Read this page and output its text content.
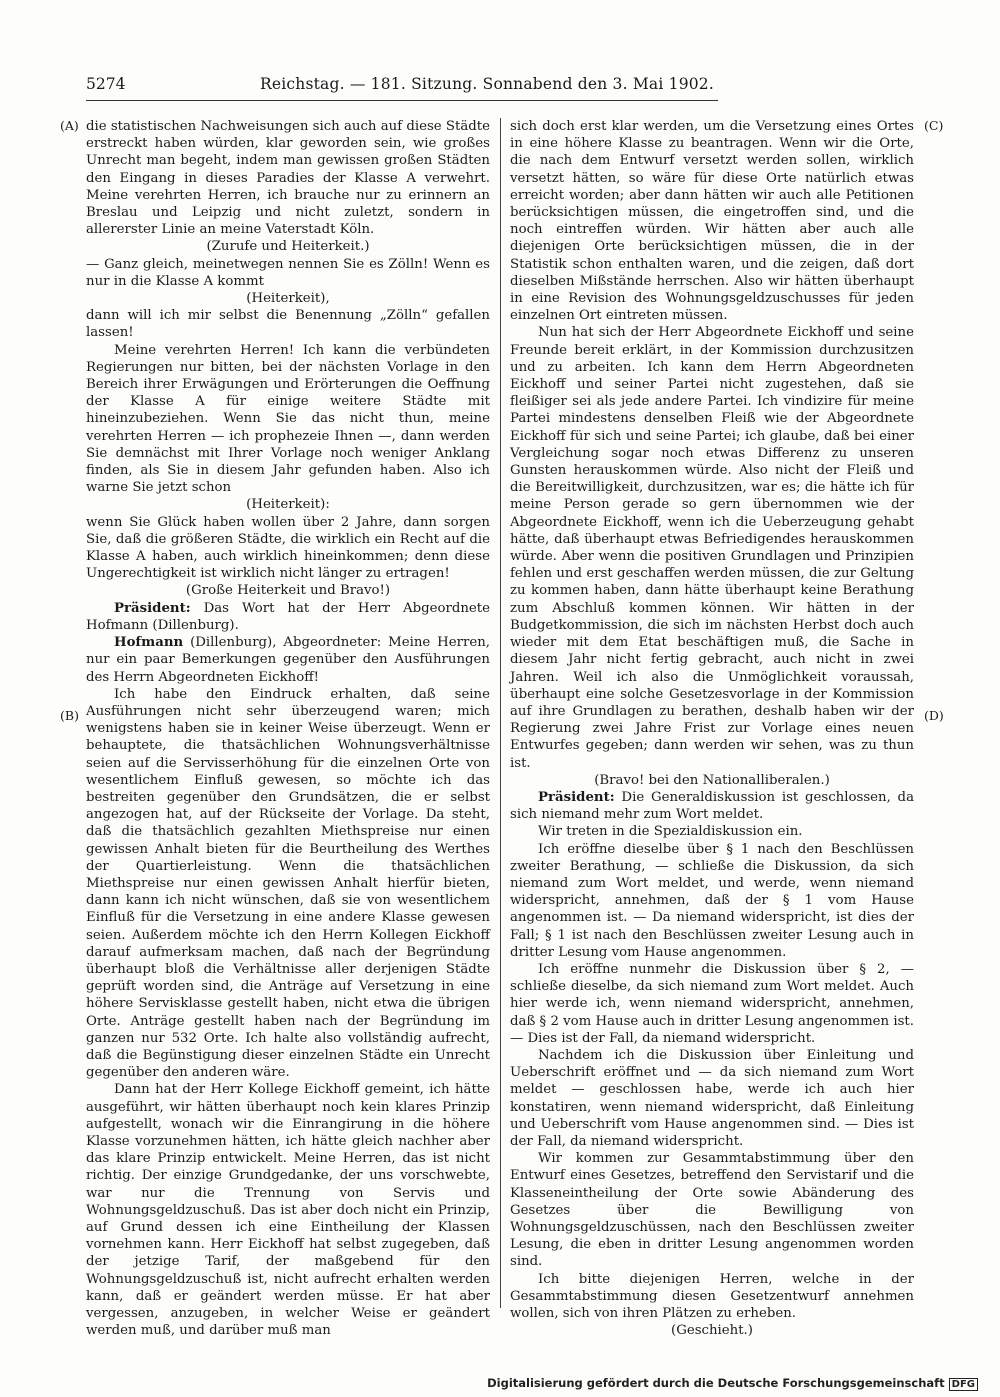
5274	Reichstag. — 181. Sitzung. Sonnabend den 3. Mai 1902.
(A)
(B)
(C)
(D)

die statistischen Nachweisungen sich auch auf diese Städte erstreckt haben würden, klar geworden sein, wie großes Unrecht man begeht, indem man gewissen großen Städten den Eingang in dieses Paradies der Klasse A verwehrt. Meine verehrten Herren, ich brauche nur zu erinnern an Breslau und Leipzig und nicht zuletzt, sondern in allererster Linie an meine Vaterstadt Köln.

(Zurufe und Heiterkeit.)

— Ganz gleich, meinetwegen nennen Sie es Zölln! Wenn es nur in die Klasse A kommt

(Heiterkeit),

dann will ich mir selbst die Benennung „Zölln“ gefallen lassen!

Meine verehrten Herren! Ich kann die verbündeten Regierungen nur bitten, bei der nächsten Vorlage in den Bereich ihrer Erwägungen und Erörterungen die Oeffnung der Klasse A für einige weitere Städte mit hineinzubeziehen. Wenn Sie das nicht thun, meine verehrten Herren — ich prophezeie Ihnen —, dann werden Sie demnächst mit Ihrer Vorlage noch weniger Anklang finden, als Sie in diesem Jahr gefunden haben. Also ich warne Sie jetzt schon

(Heiterkeit):

wenn Sie Glück haben wollen über 2 Jahre, dann sorgen Sie, daß die größeren Städte, die wirklich ein Recht auf die Klasse A haben, auch wirklich hineinkommen; denn diese Ungerechtigkeit ist wirklich nicht länger zu ertragen!

(Große Heiterkeit und Bravo!)

Präsident: Das Wort hat der Herr Abgeordnete Hofmann (Dillenburg).

Hofmann (Dillenburg), Abgeordneter: Meine Herren, nur ein paar Bemerkungen gegenüber den Ausführungen des Herrn Abgeordneten Eickhoff!

Ich habe den Eindruck erhalten, daß seine Ausführungen nicht sehr überzeugend waren; mich wenigstens haben sie in keiner Weise überzeugt. Wenn er behauptete, die thatsächlichen Wohnungsverhältnisse seien auf die Servisserhöhung für die einzelnen Orte von wesentlichem Einfluß gewesen, so möchte ich das bestreiten gegenüber den Grundsätzen, die er selbst angezogen hat, auf der Rückseite der Vorlage. Da steht, daß die thatsächlich gezahlten Miethspreise nur einen gewissen Anhalt bieten für die Beurtheilung des Werthes der Quartierleistung. Wenn die thatsächlichen Miethspreise nur einen gewissen Anhalt hierfür bieten, dann kann ich nicht wünschen, daß sie von wesentlichem Einfluß für die Versetzung in eine andere Klasse gewesen seien. Außerdem möchte ich den Herrn Kollegen Eickhoff darauf aufmerksam machen, daß nach der Begründung überhaupt bloß die Verhältnisse aller derjenigen Städte geprüft worden sind, die Anträge auf Versetzung in eine höhere Servisklasse gestellt haben, nicht etwa die übrigen Orte. Anträge gestellt haben nach der Begründung im ganzen nur 532 Orte. Ich halte also vollständig aufrecht, daß die Begünstigung dieser einzelnen Städte ein Unrecht gegenüber den anderen wäre.

Dann hat der Herr Kollege Eickhoff gemeint, ich hätte ausgeführt, wir hätten überhaupt noch kein klares Prinzip aufgestellt, wonach wir die Einrangirung in die höhere Klasse vorzunehmen hätten, ich hätte gleich nachher aber das klare Prinzip entwickelt. Meine Herren, das ist nicht richtig. Der einzige Grundgedanke, der uns vorschwebte, war nur die Trennung von Servis und Wohnungsgeldzuschuß. Das ist aber doch nicht ein Prinzip, auf Grund dessen ich eine Eintheilung der Klassen vornehmen kann. Herr Eickhoff hat selbst zugegeben, daß der jetzige Tarif, der maßgebend für den Wohnungsgeldzuschuß ist, nicht aufrecht erhalten werden kann, daß er geändert werden müsse. Er hat aber vergessen, anzugeben, in welcher Weise er geändert werden muß, und darüber muß man

sich doch erst klar werden, um die Versetzung eines Ortes in eine höhere Klasse zu beantragen. Wenn wir die Orte, die nach dem Entwurf versetzt werden sollen, wirklich versetzt hätten, so wäre für diese Orte natürlich etwas erreicht worden; aber dann hätten wir auch alle Petitionen berücksichtigen müssen, die eingetroffen sind, und die noch eintreffen würden. Wir hätten aber auch alle diejenigen Orte berücksichtigen müssen, die in der Statistik schon enthalten waren, und die zeigen, daß dort dieselben Mißstände herrschen. Also wir hätten überhaupt in eine Revision des Wohnungsgeldzuschusses für jeden einzelnen Ort eintreten müssen.

Nun hat sich der Herr Abgeordnete Eickhoff und seine Freunde bereit erklärt, in der Kommission durchzusitzen und zu arbeiten. Ich kann dem Herrn Abgeordneten Eickhoff und seiner Partei nicht zugestehen, daß sie fleißiger sei als jede andere Partei. Ich vindizire für meine Partei mindestens denselben Fleiß wie der Abgeordnete Eickhoff für sich und seine Partei; ich glaube, daß bei einer Vergleichung sogar noch etwas Differenz zu unseren Gunsten herauskommen würde. Also nicht der Fleiß und die Bereitwilligkeit, durchzusitzen, war es; die hätte ich für meine Person gerade so gern übernommen wie der Abgeordnete Eickhoff, wenn ich die Ueberzeugung gehabt hätte, daß überhaupt etwas Befriedigendes herauskommen würde. Aber wenn die positiven Grundlagen und Prinzipien fehlen und erst geschaffen werden müssen, die zur Geltung zu kommen haben, dann hätte überhaupt keine Berathung zum Abschluß kommen können. Wir hätten in der Budgetkommission, die sich im nächsten Herbst doch auch wieder mit dem Etat beschäftigen muß, die Sache in diesem Jahr nicht fertig gebracht, auch nicht in zwei Jahren. Weil ich also die Unmöglichkeit voraussah, überhaupt eine solche Gesetzesvorlage in der Kommission auf ihre Grundlagen zu berathen, deshalb haben wir der Regierung zwei Jahre Frist zur Vorlage eines neuen Entwurfes gegeben; dann werden wir sehen, was zu thun ist.

(Bravo! bei den Nationalliberalen.)

Präsident: Die Generaldiskussion ist geschlossen, da sich niemand mehr zum Wort meldet.

Wir treten in die Spezialdiskussion ein.

Ich eröffne dieselbe über § 1 nach den Beschlüssen zweiter Berathung, — schließe die Diskussion, da sich niemand zum Wort meldet, und werde, wenn niemand widerspricht, annehmen, daß der § 1 vom Hause angenommen ist. — Da niemand widerspricht, ist dies der Fall; § 1 ist nach den Beschlüssen zweiter Lesung auch in dritter Lesung vom Hause angenommen.

Ich eröffne nunmehr die Diskussion über § 2, — schließe dieselbe, da sich niemand zum Wort meldet. Auch hier werde ich, wenn niemand widerspricht, annehmen, daß § 2 vom Hause auch in dritter Lesung angenommen ist. — Dies ist der Fall, da niemand widerspricht.

Nachdem ich die Diskussion über Einleitung und Ueberschrift eröffnet und — da sich niemand zum Wort meldet — geschlossen habe, werde ich auch hier konstatiren, wenn niemand widerspricht, daß Einleitung und Ueberschrift vom Hause angenommen sind. — Dies ist der Fall, da niemand widerspricht.

Wir kommen zur Gesammtabstimmung über den Entwurf eines Gesetzes, betreffend den Servistarif und die Klasseneintheilung der Orte sowie Abänderung des Gesetzes über die Bewilligung von Wohnungsgeldzuschüssen, nach den Beschlüssen zweiter Lesung, die eben in dritter Lesung angenommen worden sind.

Ich bitte diejenigen Herren, welche in der Gesammtabstimmung diesen Gesetzentwurf annehmen wollen, sich von ihren Plätzen zu erheben.

(Geschieht.)

Digitalisierung gefördert durch die Deutsche Forschungsgemeinschaft DFG
